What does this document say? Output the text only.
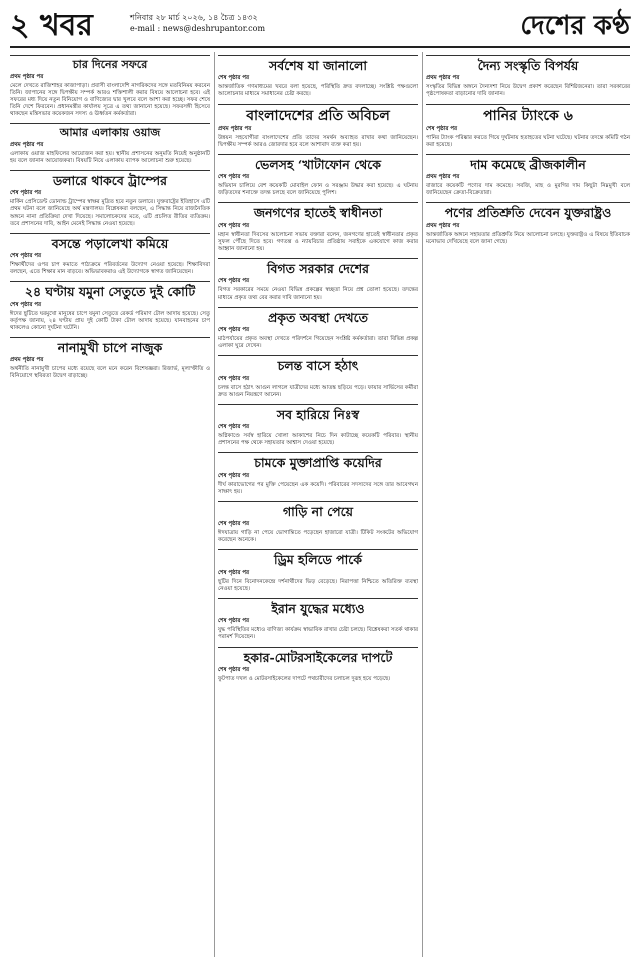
২ খবর	শনিবার ২৮ মার্চ ২০২৬, ১৪ চৈত্র ১৪৩২
e-mail : news@deshrupantor.com	দেশের কণ্ঠ
চার দিনের সফরে
প্রথম পৃষ্ঠার পর
মেলে দেখতে রাজিশাহর কাজাপাড়া। প্রবাসী বাংলাদেশি নাগরিকদের সঙ্গে মতবিনিময় করবেন তিনি। জাপানের সঙ্গে দ্বিপক্ষীয় সম্পর্ক আরও শক্তিশালী করার বিষয়ে আলোচনা হবে। এই সফরের মধ্য দিয়ে নতুন বিনিয়োগ ও বাণিজ্যের দ্বার খুলবে বলে আশা করা হচ্ছে। সফর শেষে তিনি দেশে ফিরবেন। প্রধানমন্ত্রীর কার্যালয় সূত্রে এ তথ্য জানানো হয়েছে। সফরসঙ্গী হিসেবে থাকছেন মন্ত্রিসভার কয়েকজন সদস্য ও ঊর্ধ্বতন কর্মকর্তারা।
আমার এলাকায় ওয়াজ
প্রথম পৃষ্ঠার পর
এলাকায় ওয়াজ মাহফিলের আয়োজন করা হয়। স্থানীয় প্রশাসনের অনুমতি নিয়েই অনুষ্ঠানটি হয় বলে জানান আয়োজকরা। বিষয়টি নিয়ে এলাকায় ব্যাপক আলোচনা শুরু হয়েছে।
ডলারে থাকবে ট্রাম্পের
শেষ পৃষ্ঠার পর
মার্কিন প্রেসিডেন্ট ডোনাল্ড ট্রাম্পের স্বাক্ষর মুদ্রিত হবে নতুন ডলারে। যুক্তরাষ্ট্রের ইতিহাসে এটি প্রথম ঘটনা বলে জানিয়েছে অর্থ মন্ত্রণালয়। বিশ্লেষকরা বলছেন, এ সিদ্ধান্ত নিয়ে রাজনৈতিক অঙ্গনে নানা প্রতিক্রিয়া দেখা দিয়েছে। সমালোচকদের মতে, এটি প্রচলিত রীতির ব্যতিক্রম। তবে প্রশাসনের দাবি, আইন মেনেই সিদ্ধান্ত নেওয়া হয়েছে।
বসন্তে পড়ালেখা কমিয়ে
শেষ পৃষ্ঠার পর
শিক্ষার্থীদের ওপর চাপ কমাতে পাঠ্যক্রমে পরিবর্তনের উদ্যোগ নেওয়া হয়েছে। শিক্ষাবিদরা বলছেন, এতে শিক্ষার মান বাড়বে। অভিভাবকরাও এই উদ্যোগকে স্বাগত জানিয়েছেন।
২৪ ঘণ্টায় যমুনা সেতুতে দুই কোটি
শেষ পৃষ্ঠার পর
ঈদের ছুটিতে ঘরমুখো মানুষের চাপে যমুনা সেতুতে রেকর্ড পরিমাণ টোল আদায় হয়েছে। সেতু কর্তৃপক্ষ জানায়, ২৪ ঘণ্টায় প্রায় দুই কোটি টাকা টোল আদায় হয়েছে। যানবাহনের চাপ থাকলেও কোনো দুর্ঘটনা ঘটেনি।
নানামুখী চাপে নাজুক
প্রথম পৃষ্ঠার পর
অর্থনীতি নানামুখী চাপের মধ্যে রয়েছে বলে মনে করেন বিশেষজ্ঞরা। রিজার্ভ, মূল্যস্ফীতি ও বিনিয়োগে স্থবিরতা উদ্বেগ বাড়াচ্ছে।
সর্বশেষ যা জানালো
শেষ পৃষ্ঠার পর
আন্তর্জাতিক গণমাধ্যমের খবরে বলা হয়েছে, পরিস্থিতি দ্রুত বদলাচ্ছে। সংশ্লিষ্ট পক্ষগুলো আলোচনার মাধ্যমে সমাধানের চেষ্টা করছে।
বাংলাদেশের প্রতি অবিচল
প্রথম পৃষ্ঠার পর
উন্নয়ন সহযোগীরা বাংলাদেশের প্রতি তাদের সমর্থন অব্যাহত রাখার কথা জানিয়েছেন। দ্বিপক্ষীয় সম্পর্ক আরও জোরদার হবে বলে আশাবাদ ব্যক্ত করা হয়।
ভেলসহ ‘খাটাফোন থেকে
শেষ পৃষ্ঠার পর
অভিযান চালিয়ে বেশ কয়েকটি মোবাইল ফোন ও সরঞ্জাম উদ্ধার করা হয়েছে। এ ঘটনায় জড়িতদের শনাক্তে তদন্ত চলছে বলে জানিয়েছে পুলিশ।
জনগণের হাতেই স্বাধীনতা
শেষ পৃষ্ঠার পর
মহান স্বাধীনতা দিবসের আলোচনা সভায় বক্তারা বলেন, জনগণের হাতেই স্বাধীনতার প্রকৃত সুফল পৌঁছে দিতে হবে। গণতন্ত্র ও ন্যায়বিচার প্রতিষ্ঠায় সবাইকে একযোগে কাজ করার আহ্বান জানানো হয়।
বিগত সরকার দেশের
শেষ পৃষ্ঠার পর
বিগত সরকারের সময়ে নেওয়া বিভিন্ন প্রকল্পের স্বচ্ছতা নিয়ে প্রশ্ন তোলা হয়েছে। তদন্তের মাধ্যমে প্রকৃত তথ্য বের করার দাবি জানানো হয়।
প্রকৃত অবস্থা দেখতে
শেষ পৃষ্ঠার পর
মাঠপর্যায়ের প্রকৃত অবস্থা দেখতে পরিদর্শনে গিয়েছেন সংশ্লিষ্ট কর্মকর্তারা। তারা বিভিন্ন প্রকল্প এলাকা ঘুরে দেখেন।
চলন্ত বাসে হঠাৎ
শেষ পৃষ্ঠার পর
চলন্ত বাসে হঠাৎ আগুন লাগলে যাত্রীদের মধ্যে আতঙ্ক ছড়িয়ে পড়ে। ফায়ার সার্ভিসের কর্মীরা দ্রুত আগুন নিয়ন্ত্রণে আনেন।
সব হারিয়ে নিঃস্ব
শেষ পৃষ্ঠার পর
অগ্নিকাণ্ডে সর্বস্ব হারিয়ে খোলা আকাশের নিচে দিন কাটাচ্ছে কয়েকটি পরিবার। স্থানীয় প্রশাসনের পক্ষ থেকে সহায়তার আশ্বাস দেওয়া হয়েছে।
চামকে মুক্তাপ্রাপ্তি কয়েদির
শেষ পৃষ্ঠার পর
দীর্ঘ কারাভোগের পর মুক্তি পেয়েছেন এক কয়েদি। পরিবারের সদস্যদের সঙ্গে তার আবেগঘন সাক্ষাৎ হয়।
গাড়ি না পেয়ে
শেষ পৃষ্ঠার পর
ঈদযাত্রায় গাড়ি না পেয়ে ভোগান্তিতে পড়েছেন হাজারো যাত্রী। টিকিট সংকটের অভিযোগ করেছেন অনেকে।
ড্রিম হলিডে পার্কে
শেষ পৃষ্ঠার পর
ছুটির দিনে বিনোদনকেন্দ্রে দর্শনার্থীদের ভিড় বেড়েছে। নিরাপত্তা নিশ্চিতে অতিরিক্ত ব্যবস্থা নেওয়া হয়েছে।
ইরান যুদ্ধের মধ্যেও
শেষ পৃষ্ঠার পর
যুদ্ধ পরিস্থিতির মধ্যেও বাণিজ্য কার্যক্রম স্বাভাবিক রাখার চেষ্টা চলছে। বিশ্লেষকরা সতর্ক থাকার পরামর্শ দিয়েছেন।
হকার-মোটরসাইকেলের দাপটে
শেষ পৃষ্ঠার পর
ফুটপাত দখল ও মোটরসাইকেলের দাপটে পথচারীদের চলাচল দুরূহ হয়ে পড়েছে।
দৈন্য সংস্কৃতি বিপর্যয়
প্রথম পৃষ্ঠার পর
সংস্কৃতির বিভিন্ন অঙ্গনে দৈন্যদশা নিয়ে উদ্বেগ প্রকাশ করেছেন বিশিষ্টজনেরা। তারা সরকারের পৃষ্ঠপোষকতা বাড়ানোর দাবি জানান।
পানির ট্যাংকে ৬
শেষ পৃষ্ঠার পর
পানির ট্যাংক পরিষ্কার করতে গিয়ে দুর্ঘটনায় হতাহতের ঘটনা ঘটেছে। ঘটনার তদন্তে কমিটি গঠন করা হয়েছে।
দাম কমেছে ব্রীজকালীন
প্রথম পৃষ্ঠার পর
বাজারে কয়েকটি পণ্যের দাম কমেছে। সবজি, মাছ ও মুরগির দাম কিছুটা নিম্নমুখী বলে জানিয়েছেন ক্রেতা-বিক্রেতারা।
পণের প্রতিশ্রুতি দেবেন যুক্তরাষ্ট্রও
প্রথম পৃষ্ঠার পর
আন্তর্জাতিক অঙ্গনে সহায়তার প্রতিশ্রুতি নিয়ে আলোচনা চলছে। যুক্তরাষ্ট্রও এ বিষয়ে ইতিবাচক মনোভাব দেখিয়েছে বলে জানা গেছে।
